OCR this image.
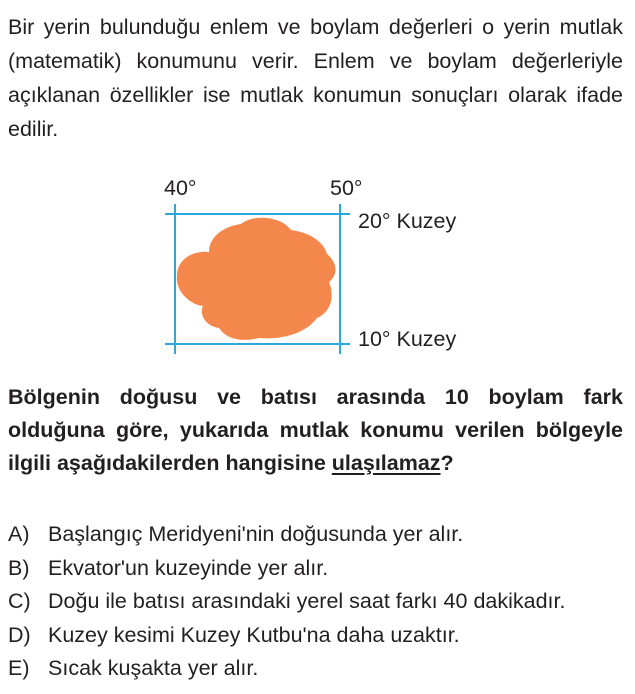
Bir yerin bulunduğu enlem ve boylam değerleri o yerin mutlak (matematik) konumunu verir. Enlem ve boylam değerleriyle açıklanan özellikler ise mutlak konumun sonuçları olarak ifade edilir.

40°	50°
20° Kuzey
10° Kuzey

Bölgenin doğusu ve batısı arasında 10 boylam fark olduğuna göre, yukarıda mutlak konumu verilen bölgeyle ilgili aşağıdakilerden hangisine ulaşılamaz?

A) Başlangıç Meridyeni'nin doğusunda yer alır.
B) Ekvator'un kuzeyinde yer alır.
C) Doğu ile batısı arasındaki yerel saat farkı 40 dakikadır.
D) Kuzey kesimi Kuzey Kutbu'na daha uzaktır.
E) Sıcak kuşakta yer alır.
